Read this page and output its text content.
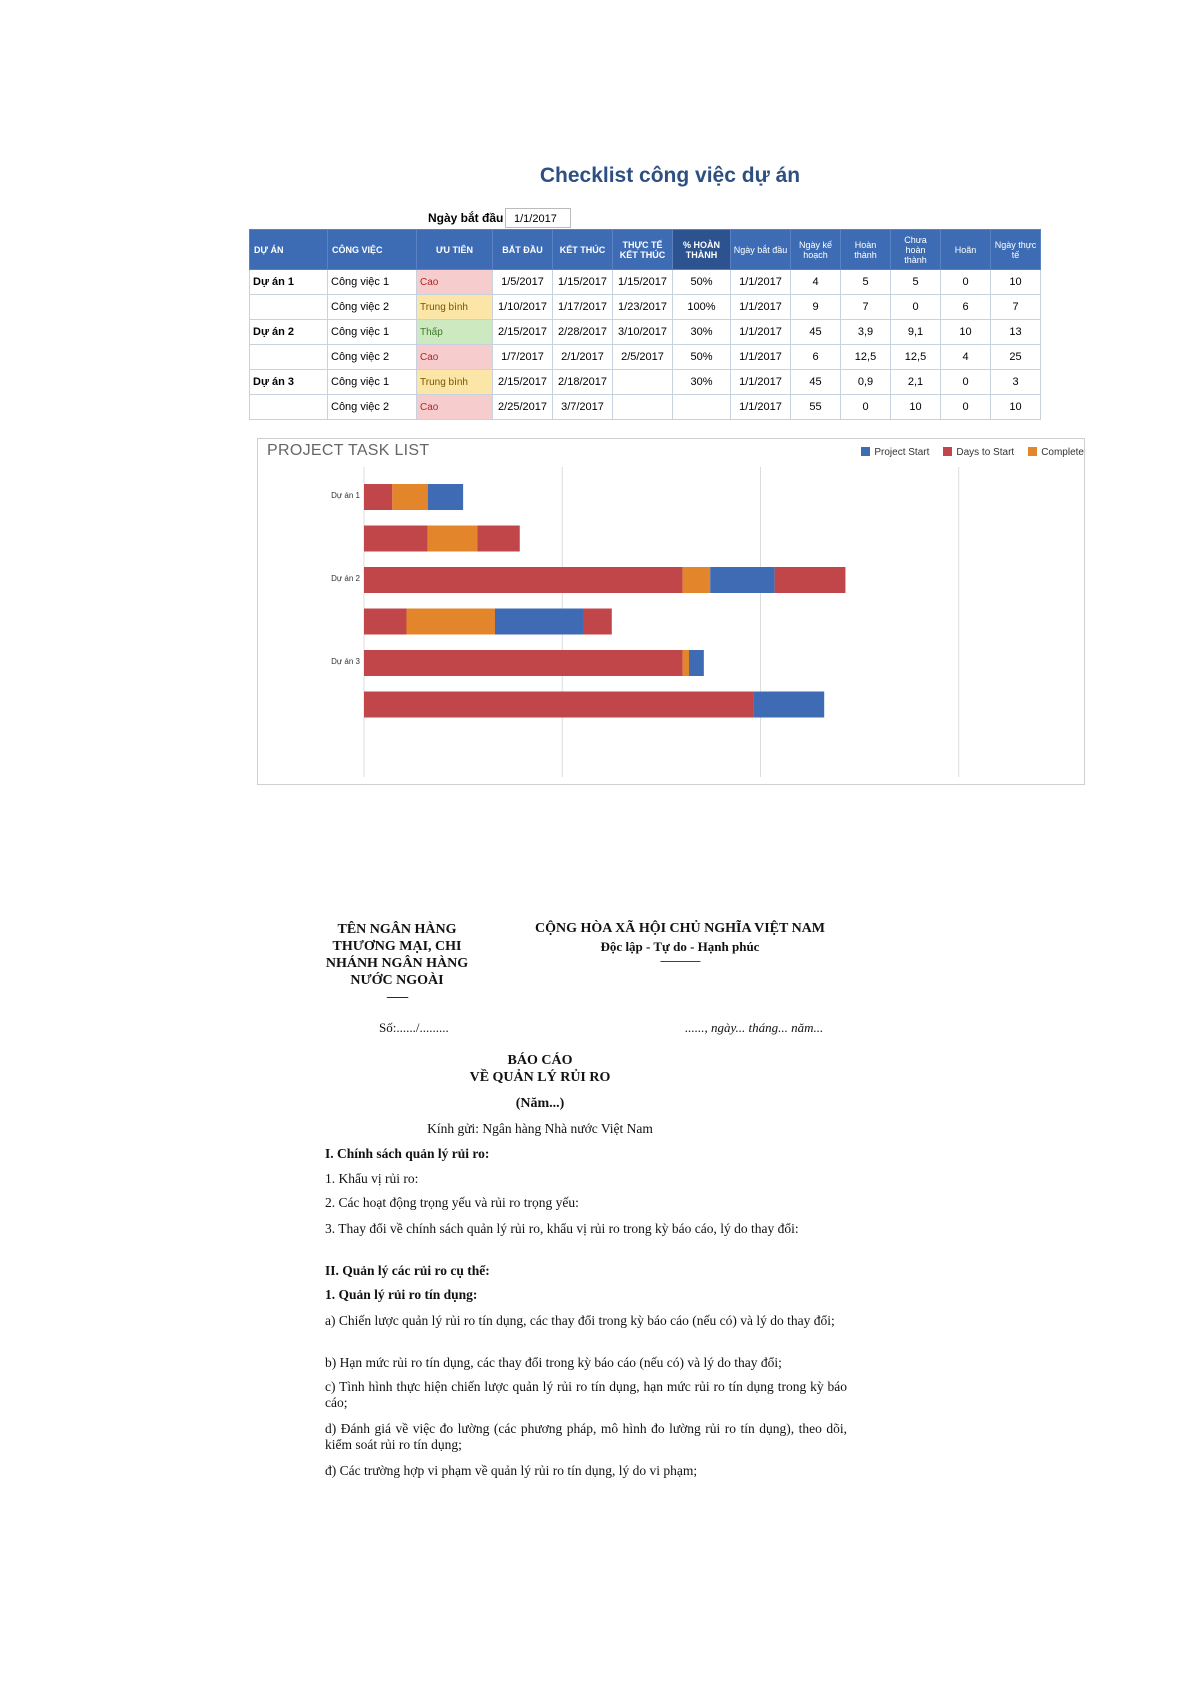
Checklist công việc dự án
Ngày bắt đầu 1/1/2017
DỰ ÁN	CÔNG VIỆC	ƯU TIÊN	BẮT ĐẦU	KẾT THÚC	THỰC TẾ KẾT THÚC	% HOÀN THÀNH	Ngày bắt đầu	Ngày kế hoạch	Hoàn thành	Chưa hoàn thành	Hoãn	Ngày thực tế
Dự án 1	Công việc 1	Cao	1/5/2017	1/15/2017	1/15/2017	50%	1/1/2017	4	5	5	0	10
	Công việc 2	Trung bình	1/10/2017	1/17/2017	1/23/2017	100%	1/1/2017	9	7	0	6	7
Dự án 2	Công việc 1	Thấp	2/15/2017	2/28/2017	3/10/2017	30%	1/1/2017	45	3,9	9,1	10	13
	Công việc 2	Cao	1/7/2017	2/1/2017	2/5/2017	50%	1/1/2017	6	12,5	12,5	4	25
Dự án 3	Công việc 1	Trung bình	2/15/2017	2/18/2017		30%	1/1/2017	45	0,9	2,1	0	3
	Công việc 2	Cao	2/25/2017	3/7/2017			1/1/2017	55	0	10	0	10
Dự án 1
Dự án 2
Dự án 3
PROJECT TASK LIST	Project Start	Days to Start	Complete
TÊN NGÂN HÀNG
THƯƠNG MẠI, CHI
NHÁNH NGÂN HÀNG
NƯỚC NGOÀI
--------
CỘNG HÒA XÃ HỘI CHỦ NGHĨA VIỆT NAM
Độc lập - Tự do - Hạnh phúc
---------------
Số:....../.........	......, ngày... tháng... năm...
BÁO CÁO
VỀ QUẢN LÝ RỦI RO
(Năm...)
Kính gửi: Ngân hàng Nhà nước Việt Nam
I. Chính sách quản lý rủi ro:
1. Khẩu vị rủi ro:
2. Các hoạt động trọng yếu và rủi ro trọng yếu:
3. Thay đổi về chính sách quản lý rủi ro, khẩu vị rủi ro trong kỳ báo cáo, lý do thay đổi:
II. Quản lý các rủi ro cụ thể:
1. Quản lý rủi ro tín dụng:
a) Chiến lược quản lý rủi ro tín dụng, các thay đổi trong kỳ báo cáo (nếu có) và lý do thay đổi;
b) Hạn mức rủi ro tín dụng, các thay đổi trong kỳ báo cáo (nếu có) và lý do thay đổi;
c) Tình hình thực hiện chiến lược quản lý rủi ro tín dụng, hạn mức rủi ro tín dụng trong kỳ báo cáo;
d) Đánh giá về việc đo lường (các phương pháp, mô hình đo lường rủi ro tín dụng), theo dõi, kiểm soát rủi ro tín dụng;
đ) Các trường hợp vi phạm về quản lý rủi ro tín dụng, lý do vi phạm;
